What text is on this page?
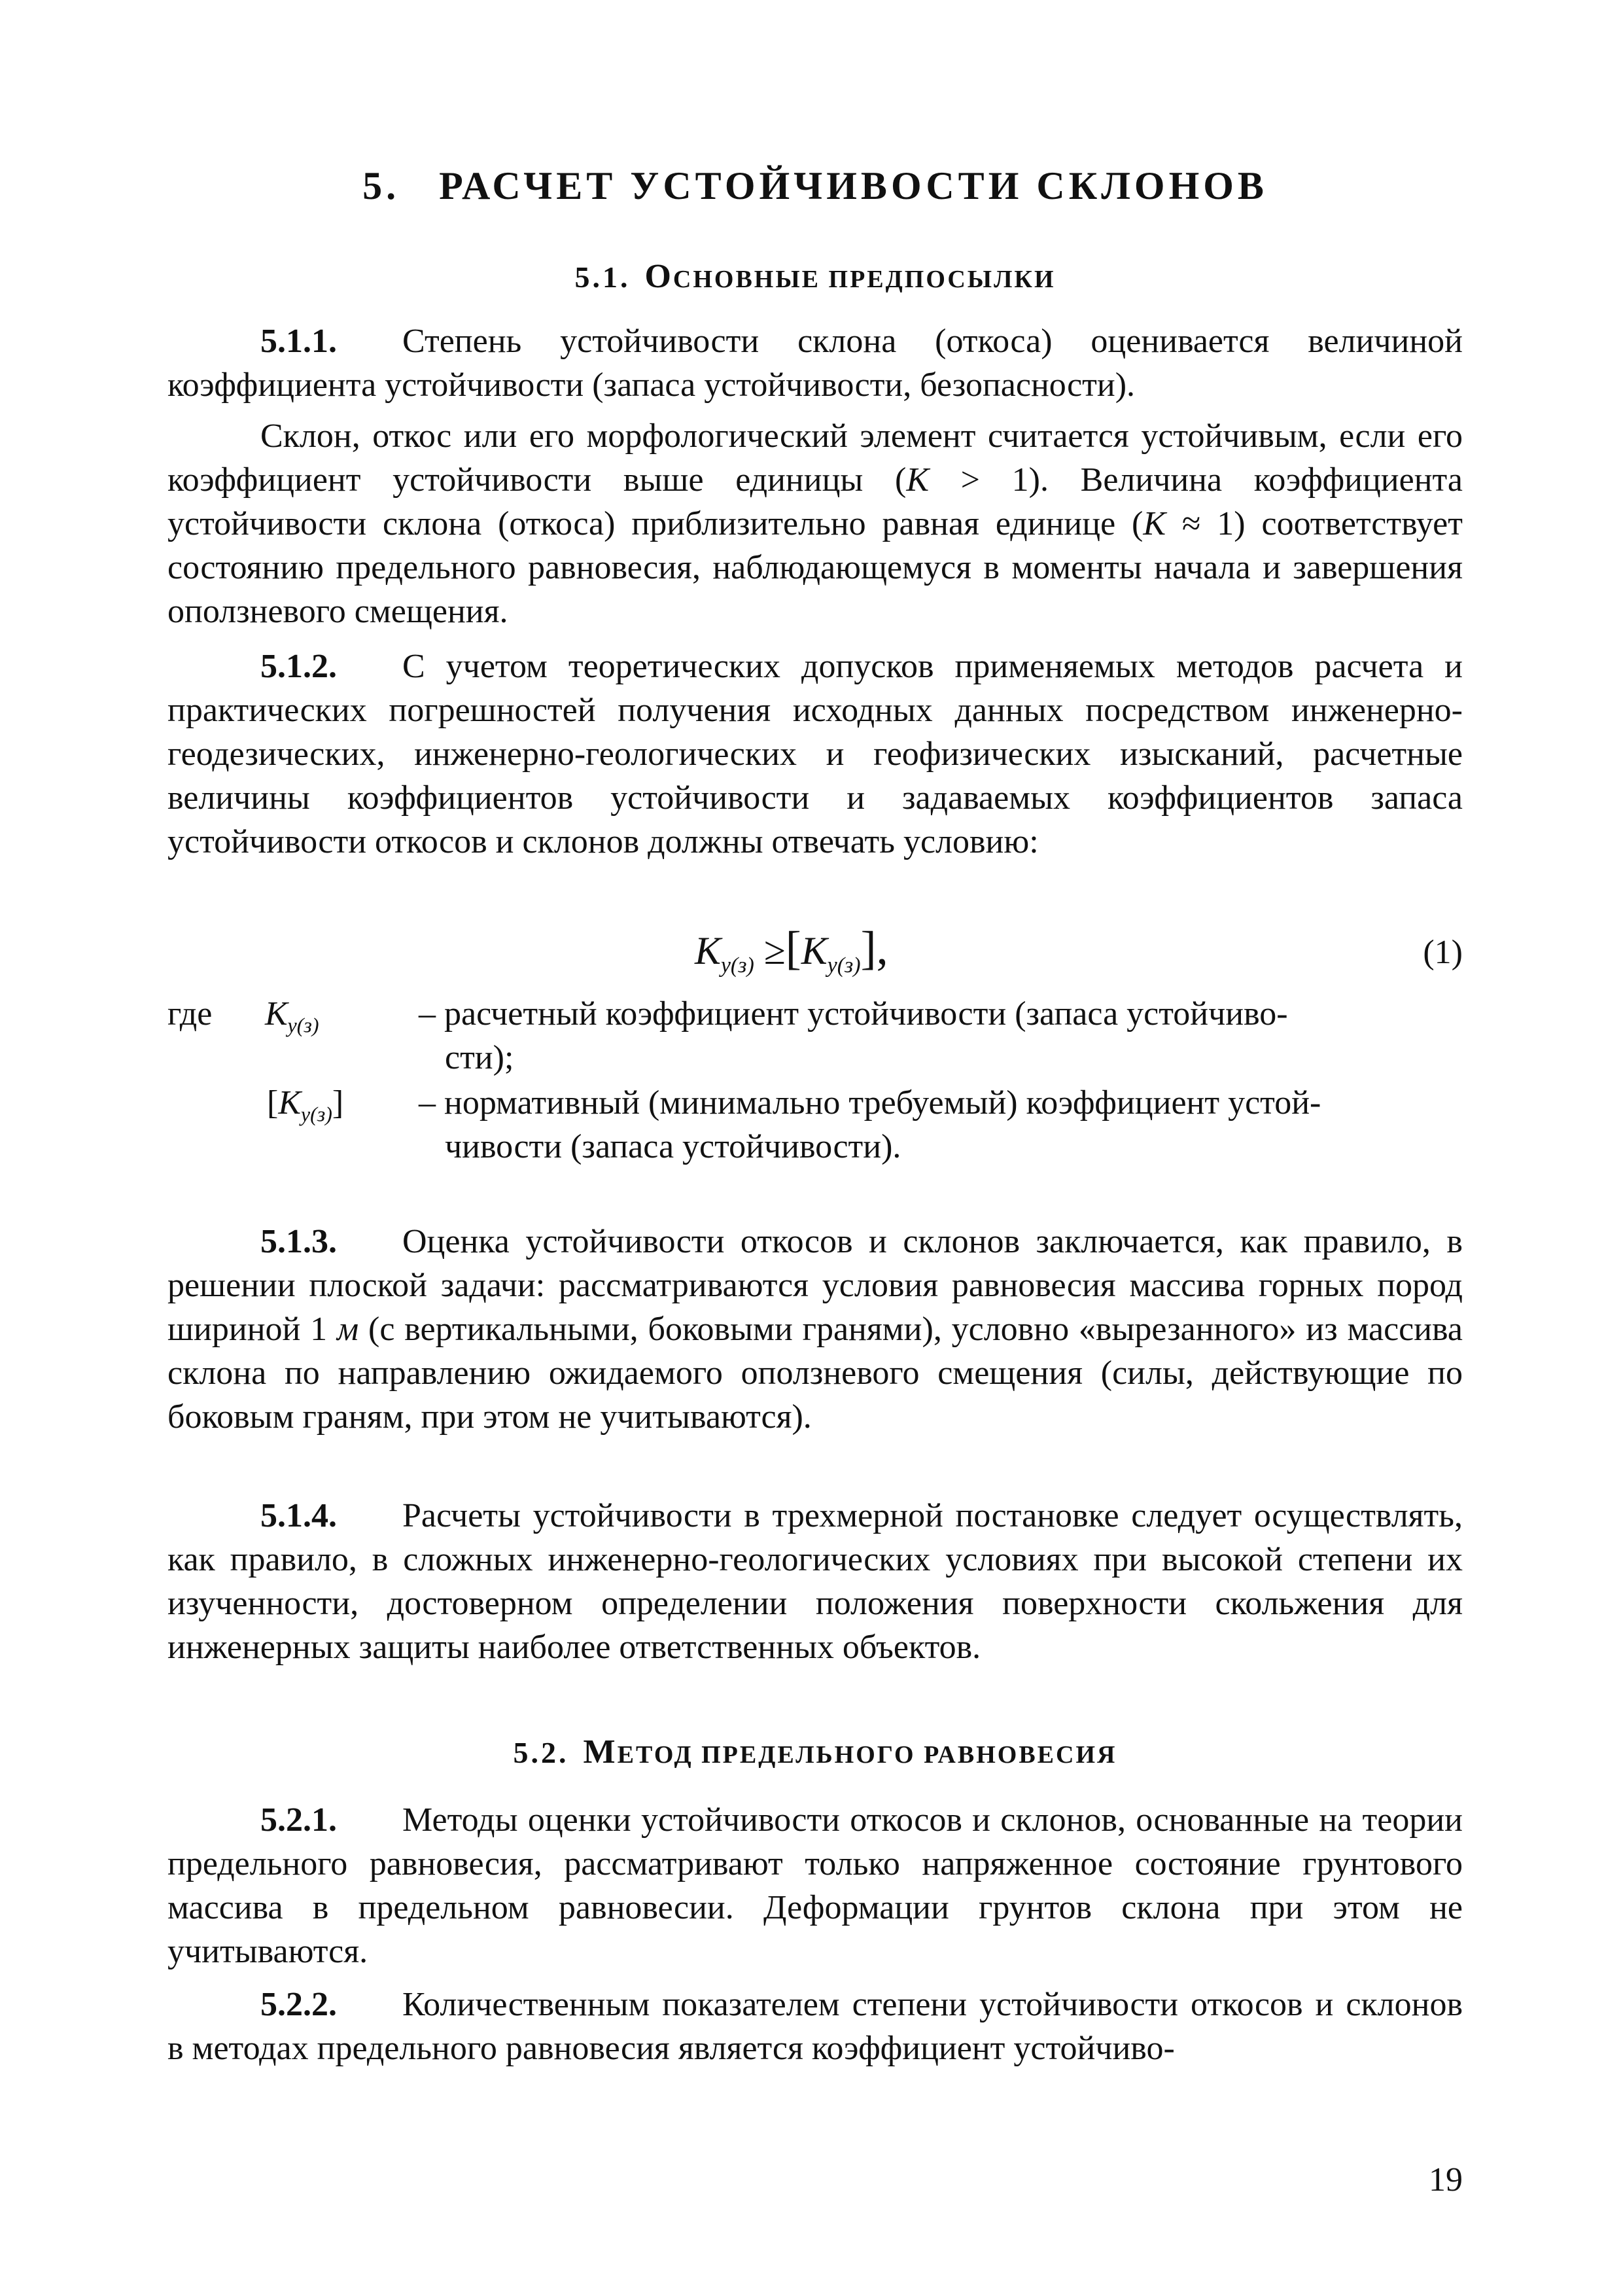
5. РАСЧЕТ УСТОЙЧИВОСТИ СКЛОНОВ
5.1. ОСНОВНЫЕ ПРЕДПОСЫЛКИ

5.1.1. Степень устойчивости склона (откоса) оценивается величиной коэффициента устойчивости (запаса устойчивости, безопасности).

Склон, откос или его морфологический элемент считается устойчивым, если его коэффициент устойчивости выше единицы (К > 1). Величина коэффициента устойчивости склона (откоса) приблизительно равная единице (К ≈ 1) соответствует состоянию предельного равновесия, наблюдающемуся в моменты начала и завершения оползневого смещения.

5.1.2. С учетом теоретических допусков применяемых методов расчета и практических погрешностей получения исходных данных посредством инженерно-геодезических, инженерно-геологических и геофизических изысканий, расчетные величины коэффициентов устойчивости и задаваемых коэффициентов запаса устойчивости откосов и склонов должны отвечать условию:

$К_{у(з)} \ge[К_{у(з)}]$,	(1)
где $К_{у(з)}$	– расчетный коэффициент устойчивости (запаса устойчиво-
сти);
$[К_{у(з)}]$ – нормативный (минимально требуемый) коэффициент устой-
чивости (запаса устойчивости).

5.1.3. Оценка устойчивости откосов и склонов заключается, как правило, в решении плоской задачи: рассматриваются условия равновесия массива горных пород шириной 1 м (с вертикальными, боковыми гранями), условно «вырезанного» из массива склона по направлению ожидаемого оползневого смещения (силы, действующие по боковым граням, при этом не учитываются).

5.1.4. Расчеты устойчивости в трехмерной постановке следует осуществлять, как правило, в сложных инженерно-геологических условиях при высокой степени их изученности, достоверном определении положения поверхности скольжения для инженерных защиты наиболее ответственных объектов.

5.2. МЕТОД ПРЕДЕЛЬНОГО РАВНОВЕСИЯ

5.2.1. Методы оценки устойчивости откосов и склонов, основанные на теории предельного равновесия, рассматривают только напряженное состояние грунтового массива в предельном равновесии. Деформации грунтов склона при этом не учитываются.

5.2.2. Количественным показателем степени устойчивости откосов и склонов в методах предельного равновесия является коэффициент устойчиво-

19
